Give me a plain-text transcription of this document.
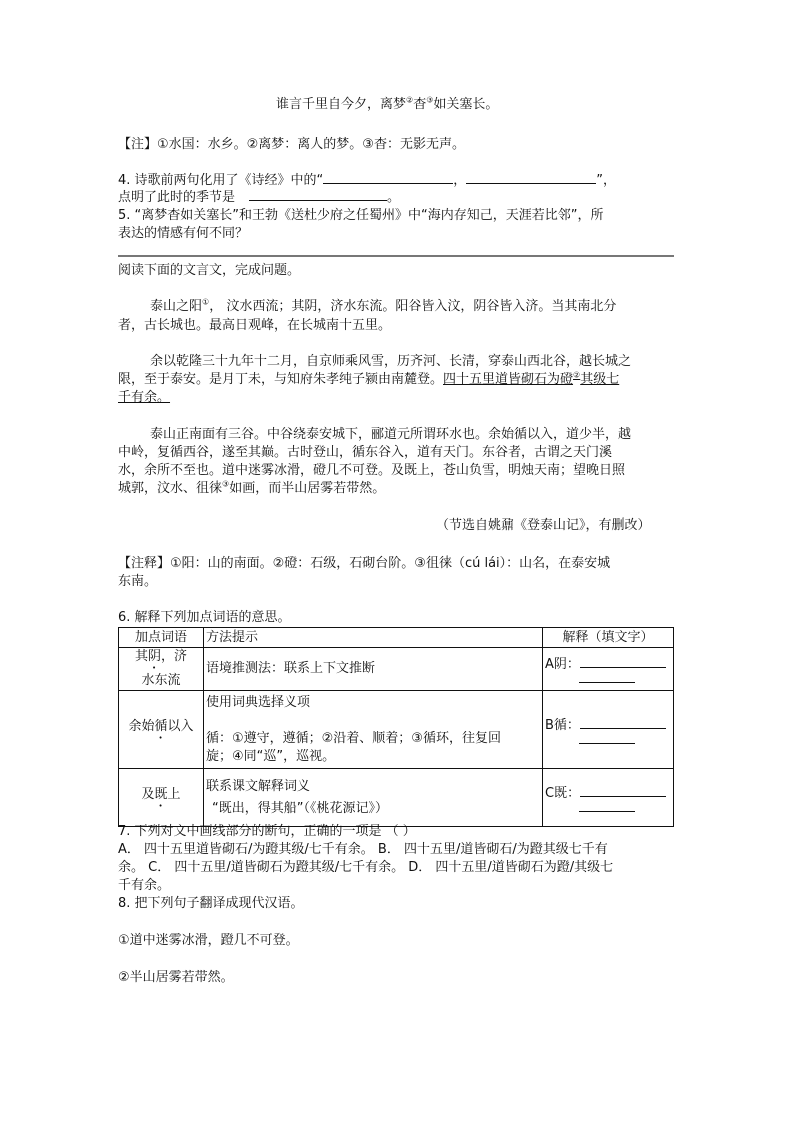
谁言千里自今夕，离梦②杳③如关塞长。
【注】①水国：水乡。②离梦：离人的梦。③杳：无影无声。
4. 诗歌前两句化用了《诗经》中的“	，	”，
点明了此时的季节是	。
5. “离梦杳如关塞长”和王勃《送杜少府之任蜀州》中“海内存知己，天涯若比邻”，所
表达的情感有何不同？
阅读下面的文言文，完成问题。
泰山之阳①， 汶水西流；其阴，济水东流。阳谷皆入汶，阴谷皆入济。当其南北分
者，古长城也。最高日观峰，在长城南十五里。
余以乾隆三十九年十二月，自京师乘风雪，历齐河、长清，穿泰山西北谷，越长城之
限，至于泰安。是月丁未，与知府朱孝纯子颍由南麓登。四十五里道皆砌石为磴②其级七
千有余。
泰山正南面有三谷。中谷绕泰安城下，郦道元所谓环水也。余始循以入，道少半，越
中岭，复循西谷，遂至其巅。古时登山，循东谷入，道有天门。东谷者，古谓之天门溪
水，余所不至也。道中迷雾冰滑，磴几不可登。及既上，苍山负雪，明烛天南；望晚日照
城郭，汶水、徂徕③如画，而半山居雾若带然。
（节选自姚鼐《登泰山记》，有删改）
【注释】①阳：山的南面。②磴：石级，石砌台阶。③徂徕（cú lái）：山名，在泰安城
东南。
6. 解释下列加点词语的意思。
加点词语	方法提示	解释（填文字）
其阴，济
水东流	语境推测法：联系上下文推断	A阴：

余始循以入	使用词典选择义项
循：①遵守，遵循；②沿着、顺着；③循环，往复回
旋；④同“巡”，巡视。	B循：

及既上	联系课文解释词义
“既出，得其船”（《桃花源记》）	C既：
7. 下列对文中画线部分的断句，正确的一项是 （ ）
A． 四十五里道皆砌石/为蹬其级/七千有余。 B． 四十五里/道皆砌石/为蹬其级七千有
余。 C． 四十五里/道皆砌石为蹬其级/七千有余。 D． 四十五里/道皆砌石为蹬/其级七
千有余。
8. 把下列句子翻译成现代汉语。
①道中迷雾冰滑，蹬几不可登。
②半山居雾若带然。
